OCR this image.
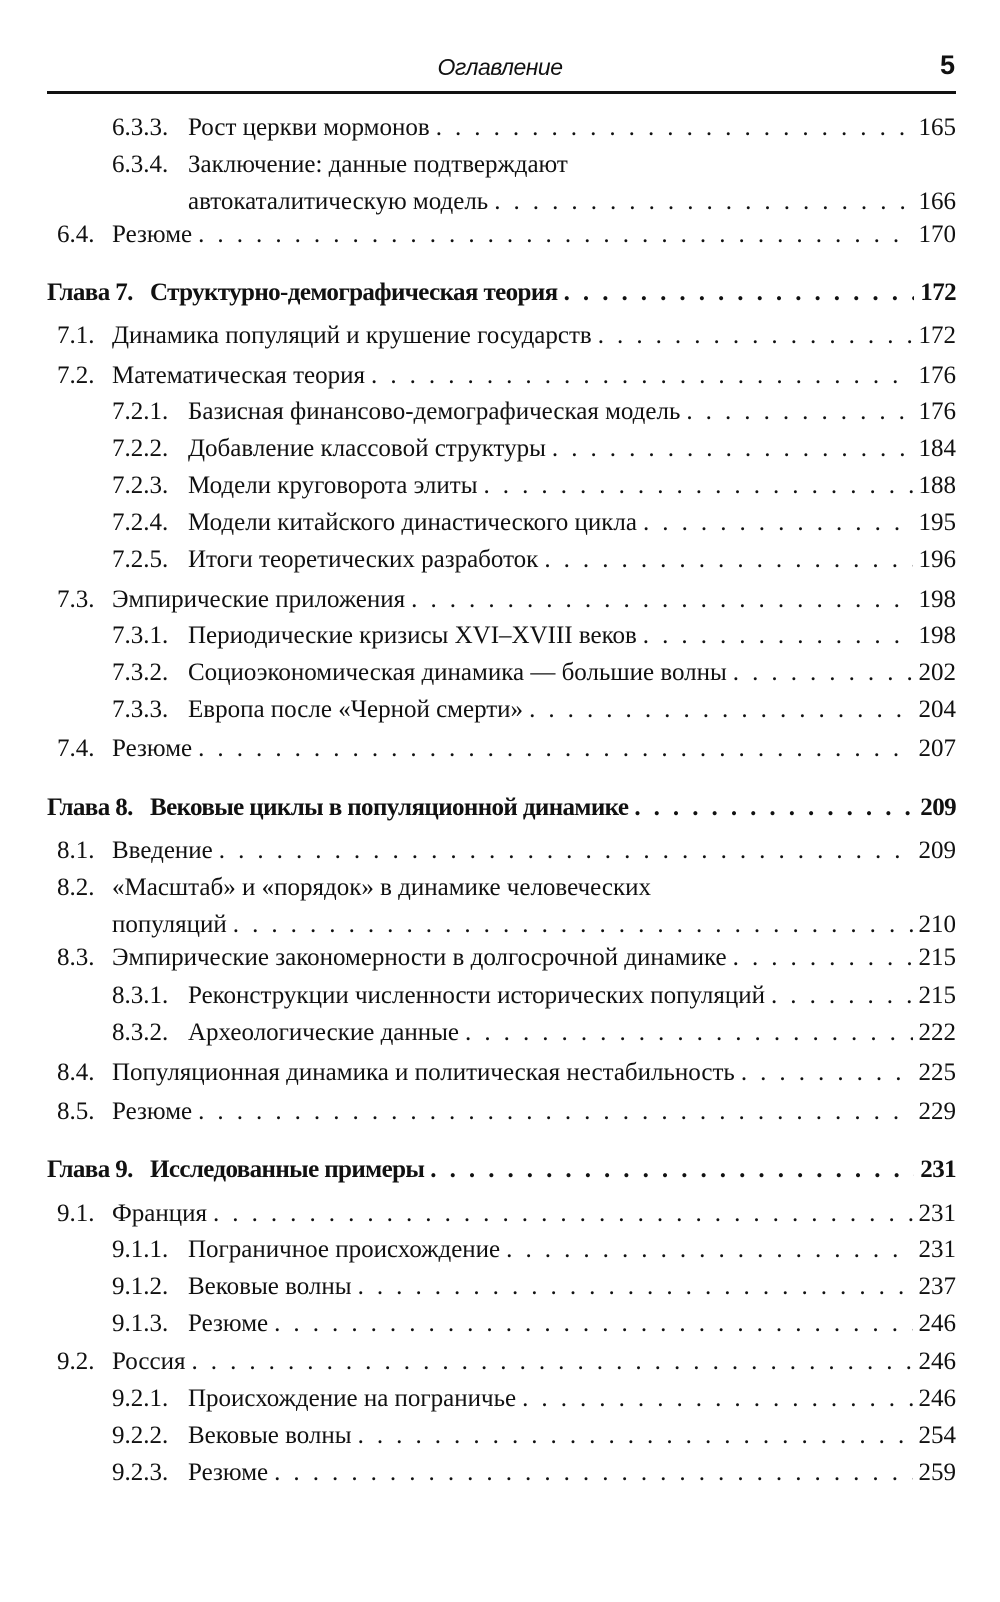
Оглавление	5
6.3.3. Рост церкви мормонов . . .	165
6.3.4. Заключение: данные подтверждают
автокаталитическую модель . . .	166
6.4. Резюме . . .	170
Глава 7. Структурно-демографическая теория . . .	172
7.1. Динамика популяций и крушение государств . . .	172
7.2. Математическая теория . . .	176
7.2.1. Базисная финансово-демографическая модель . . .	176
7.2.2. Добавление классовой структуры . . .	184
7.2.3. Модели круговорота элиты . . .	188
7.2.4. Модели китайского династического цикла . . .	195
7.2.5. Итоги теоретических разработок . . .	196
7.3. Эмпирические приложения . . .	198
7.3.1. Периодические кризисы XVI–XVIII веков . . .	198
7.3.2. Социоэкономическая динамика — большие волны . . .	202
7.3.3. Европа после «Черной смерти» . . .	204
7.4. Резюме . . .	207
Глава 8. Вековые циклы в популяционной динамике . . .	209
8.1. Введение . . .	209
8.2. «Масштаб» и «порядок» в динамике человеческих
популяций . . .	210
8.3. Эмпирические закономерности в долгосрочной динамике . . .	215
8.3.1. Реконструкции численности исторических популяций . . .	215
8.3.2. Археологические данные . . .	222
8.4. Популяционная динамика и политическая нестабильность . . .	225
8.5. Резюме . . .	229
Глава 9. Исследованные примеры . . .	231
9.1. Франция . . .	231
9.1.1. Пограничное происхождение . . .	231
9.1.2. Вековые волны . . .	237
9.1.3. Резюме . . .	246
9.2. Россия . . .	246
9.2.1. Происхождение на пограничье . . .	246
9.2.2. Вековые волны . . .	254
9.2.3. Резюме . . .	259
